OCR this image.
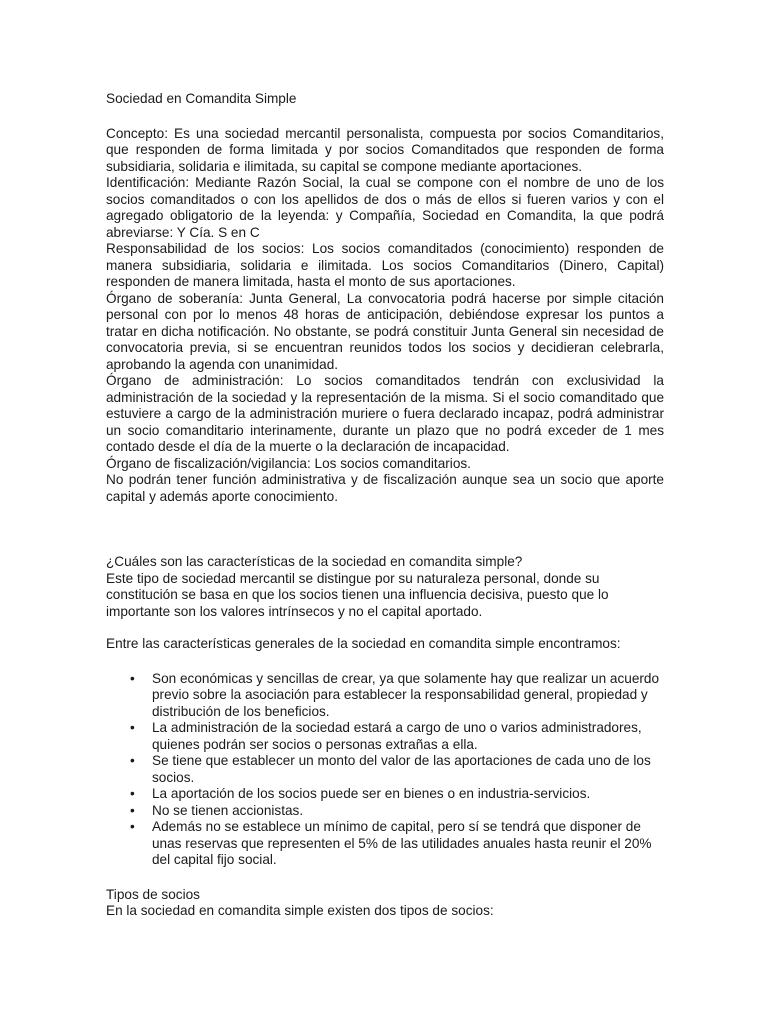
Sociedad en Comandita Simple

Concepto: Es una sociedad mercantil personalista, compuesta por socios Comanditarios, que responden de forma limitada y por socios Comanditados que responden de forma subsidiaria, solidaria e ilimitada, su capital se compone mediante aportaciones.

Identificación: Mediante Razón Social, la cual se compone con el nombre de uno de los socios comanditados o con los apellidos de dos o más de ellos si fueren varios y con el agregado obligatorio de la leyenda: y Compañía, Sociedad en Comandita, la que podrá abreviarse: Y Cía. S en C

Responsabilidad de los socios: Los socios comanditados (conocimiento) responden de manera subsidiaria, solidaria e ilimitada. Los socios Comanditarios (Dinero, Capital) responden de manera limitada, hasta el monto de sus aportaciones.

Órgano de soberanía: Junta General, La convocatoria podrá hacerse por simple citación personal con por lo menos 48 horas de anticipación, debiéndose expresar los puntos a tratar en dicha notificación. No obstante, se podrá constituir Junta General sin necesidad de convocatoria previa, si se encuentran reunidos todos los socios y decidieran celebrarla, aprobando la agenda con unanimidad.

Órgano de administración: Lo socios comanditados tendrán con exclusividad la administración de la sociedad y la representación de la misma. Si el socio comanditado que estuviere a cargo de la administración muriere o fuera declarado incapaz, podrá administrar un socio comanditario interinamente, durante un plazo que no podrá exceder de 1 mes contado desde el día de la muerte o la declaración de incapacidad.

Órgano de fiscalización/vigilancia: Los socios comanditarios.

No podrán tener función administrativa y de fiscalización aunque sea un socio que aporte capital y además aporte conocimiento.

¿Cuáles son las características de la sociedad en comandita simple?

Este tipo de sociedad mercantil se distingue por su naturaleza personal, donde su constitución se basa en que los socios tienen una influencia decisiva, puesto que lo importante son los valores intrínsecos y no el capital aportado.

Entre las características generales de la sociedad en comandita simple encontramos:

• Son económicas y sencillas de crear, ya que solamente hay que realizar un acuerdo previo sobre la asociación para establecer la responsabilidad general, propiedad y distribución de los beneficios.
• La administración de la sociedad estará a cargo de uno o varios administradores, quienes podrán ser socios o personas extrañas a ella.
• Se tiene que establecer un monto del valor de las aportaciones de cada uno de los socios.
• La aportación de los socios puede ser en bienes o en industria-servicios.
• No se tienen accionistas.
• Además no se establece un mínimo de capital, pero sí se tendrá que disponer de unas reservas que representen el 5% de las utilidades anuales hasta reunir el 20% del capital fijo social.

Tipos de socios

En la sociedad en comandita simple existen dos tipos de socios:
